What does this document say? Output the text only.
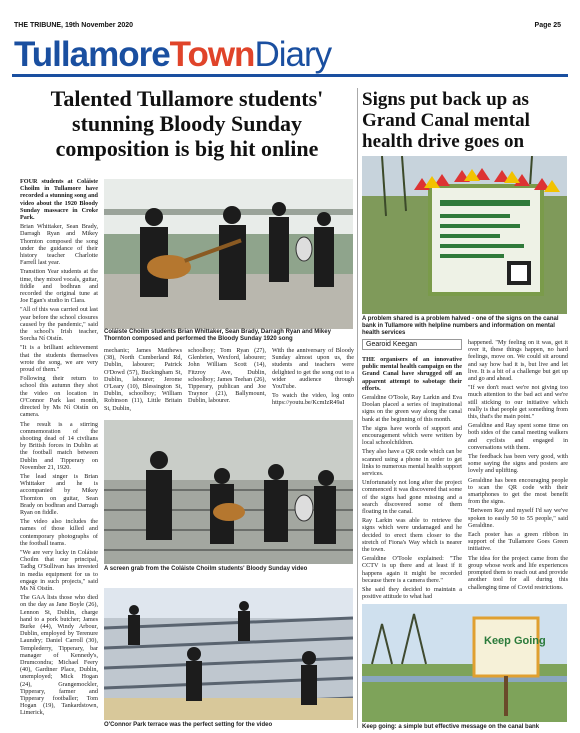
THE TRIBUNE, 19th November 2020	Page 25
TullamoreTownDiary
Talented Tullamore students' stunning Bloody Sunday composition is big hit online
Signs put back up as Grand Canal mental health drive goes on

FOUR students at Coláiste Choilm in Tullamore have recorded a stunning song and video about the 1920 Bloody Sunday massacre in Croke Park.

Brian Whittaker, Sean Brady, Darragh Ryan and Mikey Thornton composed the song under the guidance of their history teacher Charlotte Farrell last year.

Transition Year students at the time, they mixed vocals, guitar, fiddle and bodhran and recorded the original tune at Joe Egan's studio in Clara.

"All of this was carried out last year before the school closures caused by the pandemic," said the school's Irish teacher, Sorcha Ní Oistín.

"It is a brilliant achievement that the students themselves wrote the song, we are very proud of them."

Following their return to school this autumn they shot the video on location in O'Connor Park last month, directed by Ms Ní Oistín on camera.

The result is a stirring commemoration of the shooting dead of 14 civilians by British forces in Dublin at the football match between Dublin and Tipperary on November 21, 1920.

The lead singer is Brian Whittaker and he is accompanied by Mikey Thornton on guitar, Sean Brady on bodhran and Darragh Ryan on fiddle.

The video also includes the names of those killed and contemporary photographs of the football teams.

"We are very lucky in Coláiste Choilm that our principal, Tadhg O'Sullivan has invested in media equipment for us to engage in such projects," said Ms Ní Oistín.

The GAA lists those who died on the day as Jane Boyle (26), Lennon St, Dublin, charge hand to a pork butcher; James Burke (44), Windy Arbour, Dublin, employed by Terenure Laundry; Daniel Carroll (30), Templederry, Tipperary, bar manager of Kennedy's, Drumcondra; Michael Feery (40), Gardiner Place, Dublin, unemployed; Mick Hogan (24), Grangemockler, Tipperary, farmer and Tipperary footballer; Tom Hogan (19), Tankardstown, Limerick,

Coláiste Choilm students Brian Whittaker, Sean Brady, Darragh Ryan and Mikey Thornton composed and performed the Bloody Sunday 1920 song

mechanic; James Matthews (38), North Cumberland Rd, Dublin, labourer; Patrick O'Dowd (57), Buckingham St, Dublin, labourer; Jerome O'Leary (10), Blessington St, Dublin, schoolboy; William Robinson (11), Little Britain St, Dublin,

schoolboy; Tom Ryan (27), Glenbrien, Wexford, labourer; John William Scott (14), Fitzroy Ave, Dublin, schoolboy; James Teehan (26), Tipperary, publican and Joe Traynor (21), Ballymount, Dublin, labourer.

With the anniversary of Bloody Sunday almost upon us, the students and teachers were delighted to get the song out to a wider audience through YouTube.

To watch the video, log onto https://youtu.be/KcmIzR49aI

A screen grab from the Coláiste Choilm students' Bloody Sunday video
O'Connor Park terrace was the perfect setting for the video
A problem shared is a problem halved - one of the signs on the canal bank in Tullamore with helpline numbers and information on mental health services
Gearoid Keegan

THE organisers of an innovative public mental health campaign on the Grand Canal have shrugged off an apparent attempt to sabotage their efforts.

Geraldine O'Toole, Ray Larkin and Eva Doolan placed a series of inspirational signs on the green way along the canal bank at the beginning of this month.

The signs have words of support and encouragement which were written by local schoolchildren.

They also have a QR code which can be scanned using a phone in order to get links to numerous mental health support services.

Unfortunately not long after the project commenced it was discovered that some of the signs had gone missing and a search discovered some of them floating in the canal.

Ray Larkin was able to retrieve the signs which were undamaged and he decided to erect them closer to the stretch of Fiona's Way which is nearer the town.

Geraldine O'Toole explained: "The CCTV is up there and at least if it happens again it might be recorded because there is a camera there."

She said they decided to maintain a positive attitude to what had

happened. "My feeling on it was, get it over it, these things happen, no hard feelings, move on. We could sit around and say how bad it is, but live and let live. It is a bit of a challenge but get up and go and ahead.

"If we don't react we're not giving too much attention to the bad act and we're still sticking to our initiative which really is that people get something from this, that's the main point."

Geraldine and Ray spent some time on both sides of the canal meeting walkers and cyclists and engaged in conversations with them.

The feedback has been very good, with some saying the signs and posters are lovely and uplifting.

Geraldine has been encouraging people to scan the QR code with their smartphones to get the most benefit from the signs.

"Between Ray and myself I'd say we've spoken to easily 50 to 55 people," said Geraldine.

Each poster has a green ribbon in support of the Tullamore Goes Green initiative.

The idea for the project came from the group whose work and life experiences prompted them to reach out and provide another tool for all during this challenging time of Covid restrictions.

Keep Going
Keep going: a simple but effective message on the canal bank
